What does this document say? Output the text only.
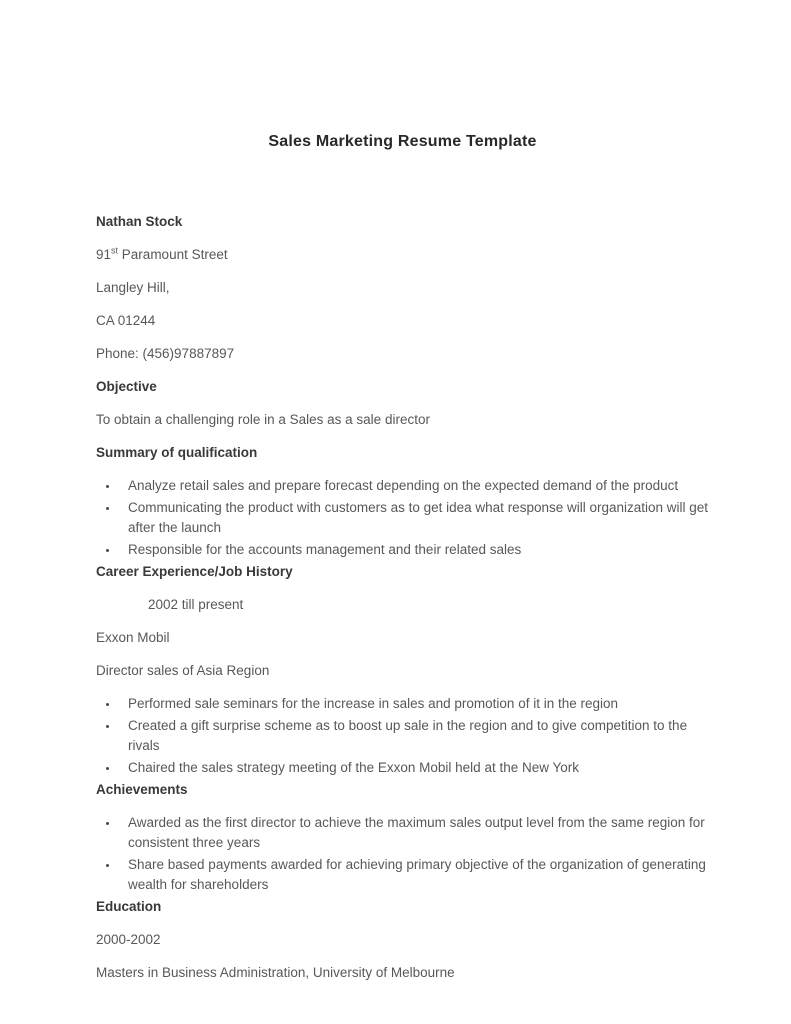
Sales Marketing Resume Template

Nathan Stock

91st Paramount Street

Langley Hill,

CA 01244

Phone: (456)97887897

Objective

To obtain a challenging role in a Sales as a sale director

Summary of qualification

• Analyze retail sales and prepare forecast depending on the expected demand of the product
• Communicating the product with customers as to get idea what response will organization will get after the launch
• Responsible for the accounts management and their related sales

Career Experience/Job History

2002 till present

Exxon Mobil

Director sales of Asia Region

• Performed sale seminars for the increase in sales and promotion of it in the region
• Created a gift surprise scheme as to boost up sale in the region and to give competition to the rivals
• Chaired the sales strategy meeting of the Exxon Mobil held at the New York

Achievements

• Awarded as the first director to achieve the maximum sales output level from the same region for consistent three years
• Share based payments awarded for achieving primary objective of the organization of generating wealth for shareholders

Education

2000-2002

Masters in Business Administration, University of Melbourne
